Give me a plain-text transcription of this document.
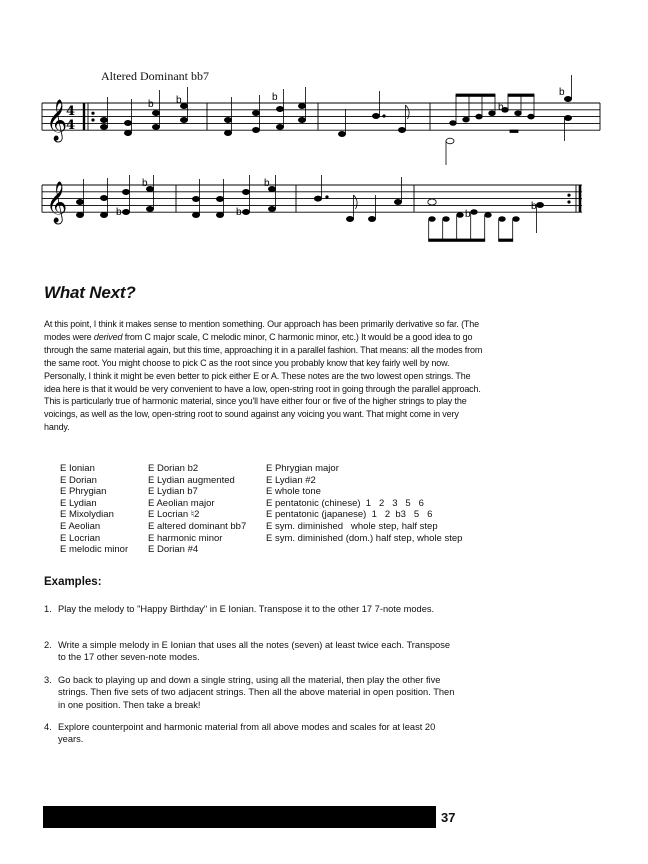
Altered Dominant bb7
𝄞
4
4
b b	b
b
b
𝄞	b
b
b
b
b
b
What Next?
At this point, I think it makes sense to mention something. Our approach has been primarily derivative so far. (The modes were derived from C major scale, C melodic minor, C harmonic minor, etc.) It would be a good idea to go through the same material again, but this time, approaching it in a parallel fashion. That means: all the modes from the same root. You might choose to pick C as the root since you probably know that key fairly well by now. Personally, I think it might be even better to pick either E or A. These notes are the two lowest open strings. The idea here is that it would be very convenient to have a low, open-string root in going through the parallel approach. This is particularly true of harmonic material, since you'll have either four or five of the higher strings to play the voicings, as well as the low, open-string root to sound against any voicing you want. That might come in very handy.
E Ionian
E Dorian
E Phrygian
E Lydian
E Mixolydian
E Aeolian
E Locrian
E melodic minor
E Dorian b2
E Lydian augmented
E Lydian b7
E Aeolian major
E Locrian ♮2
E altered dominant bb7
E harmonic minor
E Dorian #4
E Phrygian major
E Lydian #2
E whole tone
E pentatonic (chinese)  1   2   3   5   6
E pentatonic (japanese)  1   2  b3   5   6
E sym. diminished   whole step, half step
E sym. diminished (dom.) half step, whole step
Examples:
1. Play the melody to "Happy Birthday" in E Ionian. Transpose it to the other 17 7-note modes.
2. Write a simple melody in E Ionian that uses all the notes (seven) at least twice each. Transpose to the 17 other seven-note modes.
3. Go back to playing up and down a single string, using all the material, then play the other five strings. Then five sets of two adjacent strings. Then all the above material in open position. Then in one position. Then take a break!
4. Explore counterpoint and harmonic material from all above modes and scales for at least 20 years.
37
